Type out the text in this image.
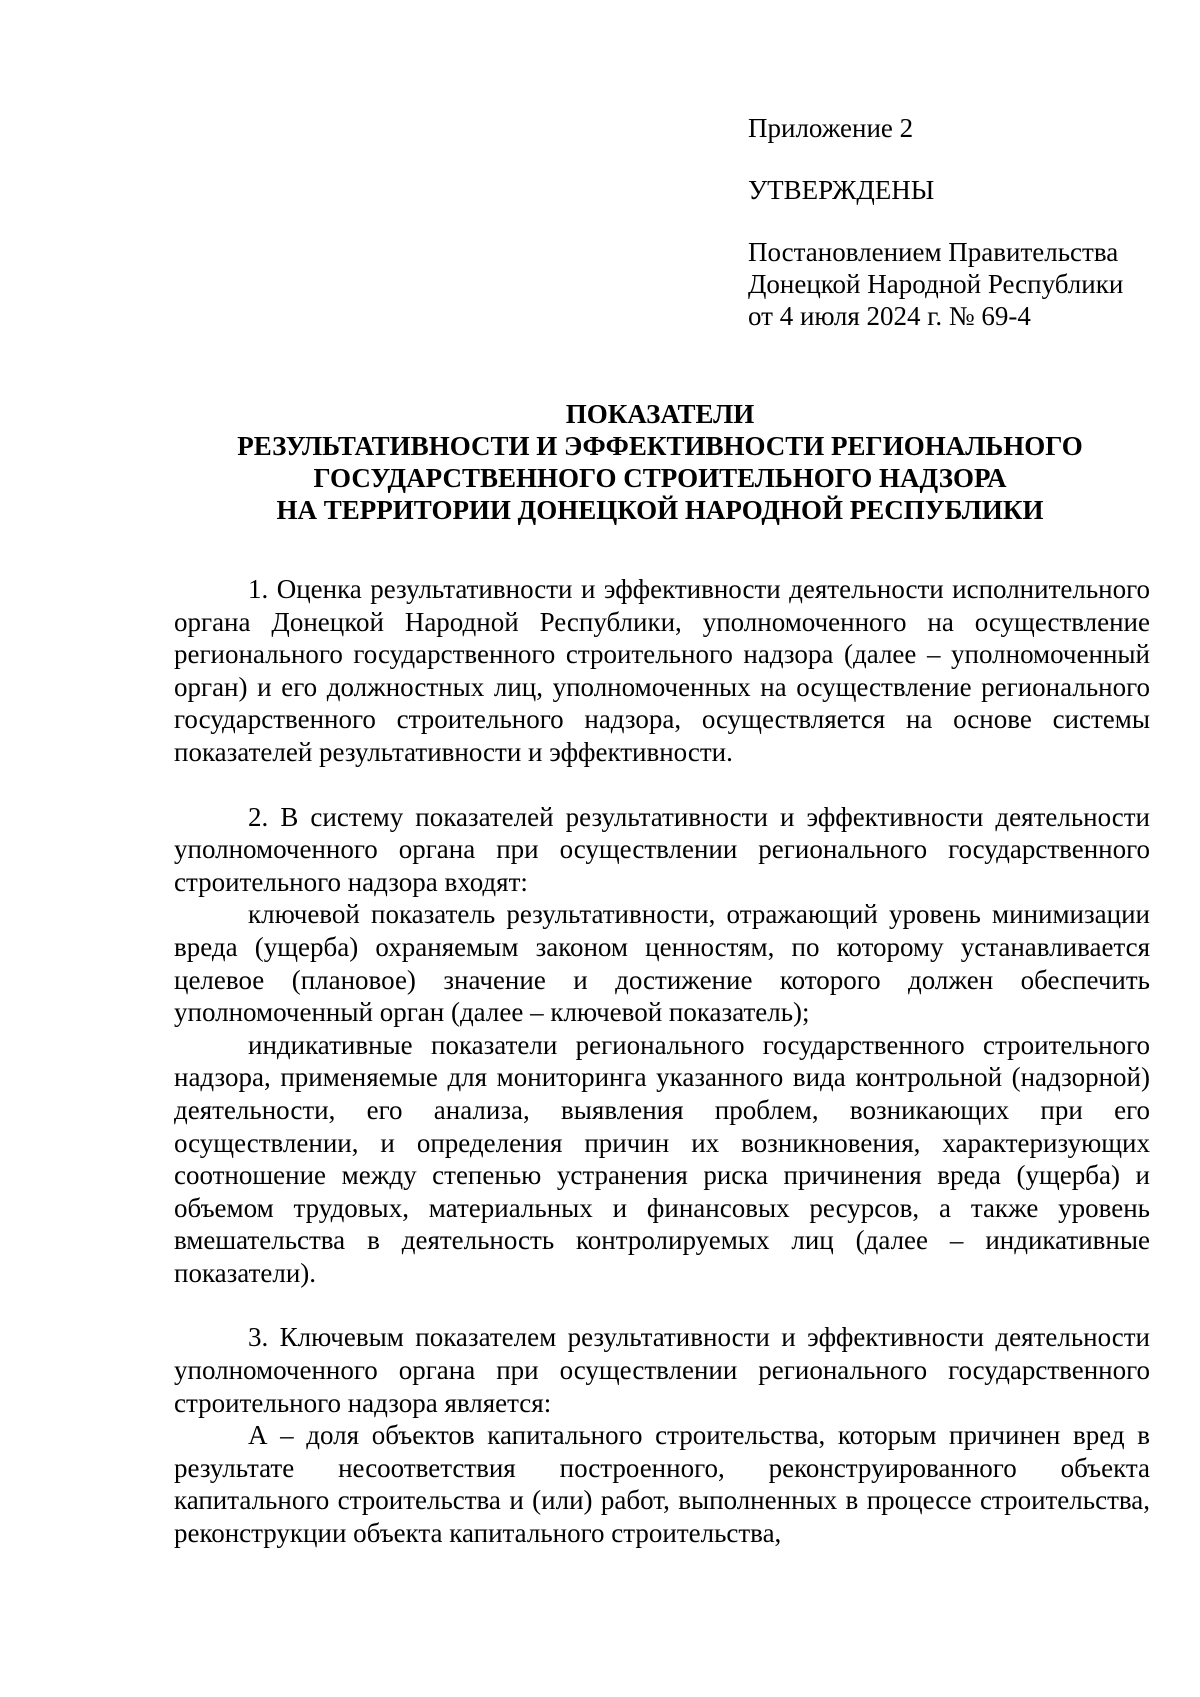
Приложение 2
УТВЕРЖДЕНЫ
Постановлением Правительства
Донецкой Народной Республики
от 4 июля 2024 г. № 69-4
ПОКАЗАТЕЛИ
РЕЗУЛЬТАТИВНОСТИ И ЭФФЕКТИВНОСТИ РЕГИОНАЛЬНОГО
ГОСУДАРСТВЕННОГО СТРОИТЕЛЬНОГО НАДЗОРА
НА ТЕРРИТОРИИ ДОНЕЦКОЙ НАРОДНОЙ РЕСПУБЛИКИ

1. Оценка результативности и эффективности деятельности исполнительного органа Донецкой Народной Республики, уполномоченного на осуществление регионального государственного строительного надзора (далее – уполномоченный орган) и его должностных лиц, уполномоченных на осуществление регионального государственного строительного надзора, осуществляется на основе системы показателей результативности и эффективности.

2. В систему показателей результативности и эффективности деятельности уполномоченного органа при осуществлении регионального государственного строительного надзора входят:

ключевой показатель результативности, отражающий уровень минимизации вреда (ущерба) охраняемым законом ценностям, по которому устанавливается целевое (плановое) значение и достижение которого должен обеспечить уполномоченный орган (далее – ключевой показатель);

индикативные показатели регионального государственного строительного надзора, применяемые для мониторинга указанного вида контрольной (надзорной) деятельности, его анализа, выявления проблем, возникающих при его осуществлении, и определения причин их возникновения, характеризующих соотношение между степенью устранения риска причинения вреда (ущерба) и объемом трудовых, материальных и финансовых ресурсов, а также уровень вмешательства в деятельность контролируемых лиц (далее – индикативные показатели).

3. Ключевым показателем результативности и эффективности деятельности уполномоченного органа при осуществлении регионального государственного строительного надзора является:

А – доля объектов капитального строительства, которым причинен вред в результате несоответствия построенного, реконструированного объекта капитального строительства и (или) работ, выполненных в процессе строительства, реконструкции объекта капитального строительства,
